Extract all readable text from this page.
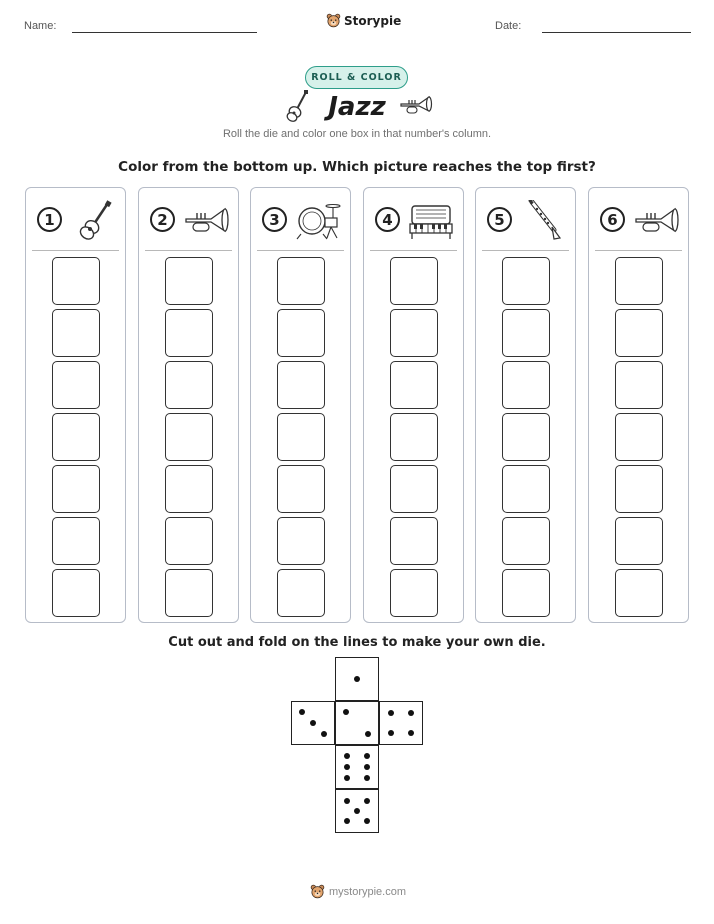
Name:	Storypie	Date:
ROLL & COLOR
Jazz
Roll the die and color one box in that number's column.
Color from the bottom up. Which picture reaches the top first?
1	2	3	4	5	6
Cut out and fold on the lines to make your own die.
mystorypie.com
